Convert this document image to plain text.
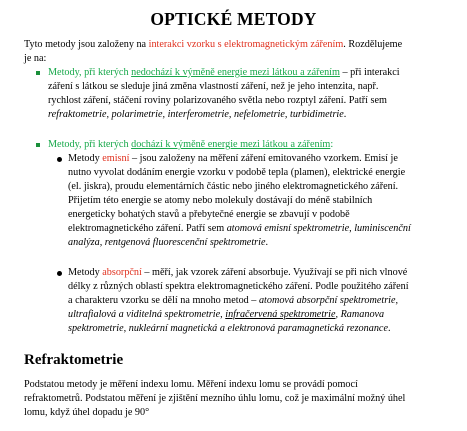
OPTICKÉ METODY
Tyto metody jsou založeny na interakci vzorku s elektromagnetickým zářením. Rozdělujeme
je na:
Metody, při kterých nedochází k výměně energie mezi látkou a zářením – při interakci
záření s látkou se sleduje jiná změna vlastností záření, než je jeho intenzita, např.
rychlost záření, stáčení roviny polarizovaného světla nebo rozptyl záření. Patří sem
refraktometrie, polarimetrie, interferometrie, nefelometrie, turbidimetrie.
Metody, při kterých dochází k výměně energie mezi látkou a zářením:
Metody emisní – jsou založeny na měření záření emitovaného vzorkem. Emisí je
nutno vyvolat dodáním energie vzorku v podobě tepla (plamen), elektrické energie
(el. jiskra), proudu elementárních částic nebo jiného elektromagnetického záření.
Přijetím této energie se atomy nebo molekuly dostávají do méně stabilních
energeticky bohatých stavů a přebytečné energie se zbavují v podobě
elektromagnetického záření. Patří sem atomová emisní spektrometrie, luminiscenční
analýza, rentgenová fluorescenční spektrometrie.
Metody absorpční – měří, jak vzorek záření absorbuje. Využívají se při nich vlnové
délky z různých oblastí spektra elektromagnetického záření. Podle použitého záření
a charakteru vzorku se dělí na mnoho metod – atomová absorpční spektrometrie,
ultrafialová a viditelná spektrometrie, infračervená spektrometrie, Ramanova
spektrometrie, nukleární magnetická a elektronová paramagnetická rezonance.
Refraktometrie
Podstatou metody je měření indexu lomu. Měření indexu lomu se provádí pomocí
refraktometrů. Podstatou měření je zjištění mezního úhlu lomu, což je maximální možný úhel
lomu, když úhel dopadu je 90°
